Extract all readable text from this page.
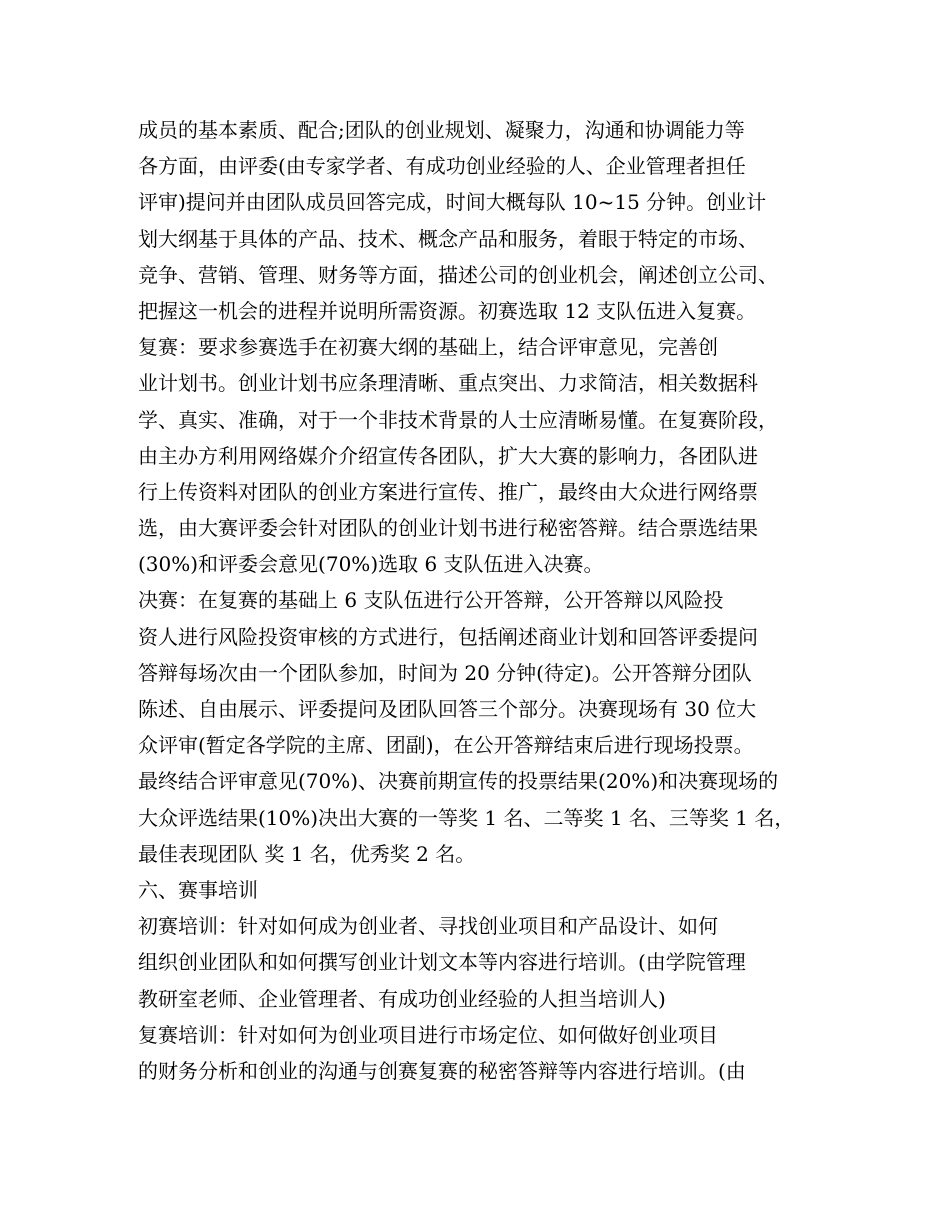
成员的基本素质、配合;团队的创业规划、凝聚力，沟通和协调能力等
各方面，由评委(由专家学者、有成功创业经验的人、企业管理者担任
评审)提问并由团队成员回答完成，时间大概每队 10~15 分钟。创业计
划大纲基于具体的产品、技术、概念产品和服务，着眼于特定的市场、
竞争、营销、管理、财务等方面，描述公司的创业机会，阐述创立公司、
把握这一机会的进程并说明所需资源。初赛选取 12 支队伍进入复赛。
复赛：要求参赛选手在初赛大纲的基础上，结合评审意见，完善创
业计划书。创业计划书应条理清晰、重点突出、力求简洁，相关数据科
学、真实、准确，对于一个非技术背景的人士应清晰易懂。在复赛阶段，
由主办方利用网络媒介介绍宣传各团队，扩大大赛的影响力，各团队进
行上传资料对团队的创业方案进行宣传、推广，最终由大众进行网络票
选，由大赛评委会针对团队的创业计划书进行秘密答辩。结合票选结果
(30%)和评委会意见(70%)选取 6 支队伍进入决赛。
决赛：在复赛的基础上 6 支队伍进行公开答辩，公开答辩以风险投
资人进行风险投资审核的方式进行，包括阐述商业计划和回答评委提问
答辩每场次由一个团队参加，时间为 20 分钟(待定)。公开答辩分团队
陈述、自由展示、评委提问及团队回答三个部分。决赛现场有 30 位大
众评审(暂定各学院的主席、团副)，在公开答辩结束后进行现场投票。
最终结合评审意见(70%)、决赛前期宣传的投票结果(20%)和决赛现场的
大众评选结果(10%)决出大赛的一等奖 1 名、二等奖 1 名、三等奖 1 名，
最佳表现团队 奖 1 名，优秀奖 2 名。
六、赛事培训
初赛培训：针对如何成为创业者、寻找创业项目和产品设计、如何
组织创业团队和如何撰写创业计划文本等内容进行培训。(由学院管理
教研室老师、企业管理者、有成功创业经验的人担当培训人)
复赛培训：针对如何为创业项目进行市场定位、如何做好创业项目
的财务分析和创业的沟通与创赛复赛的秘密答辩等内容进行培训。(由
